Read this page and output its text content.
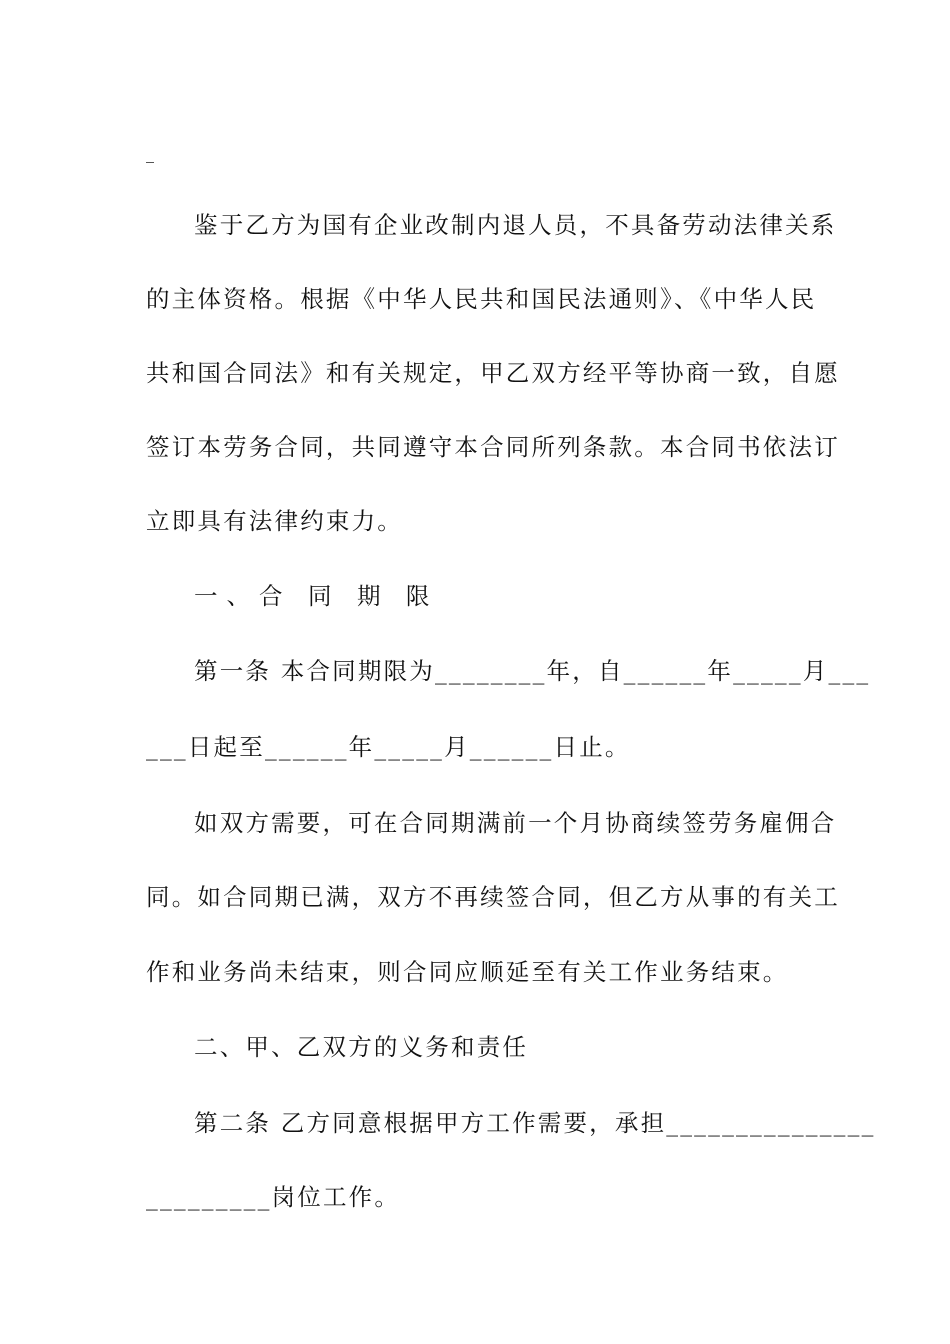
鉴于乙方为国有企业改制内退人员，不具备劳动法律关系
的主体资格。根据《中华人民共和国民法通则》、《中华人民
共和国合同法》和有关规定，甲乙双方经平等协商一致，自愿
签订本劳务合同，共同遵守本合同所列条款。本合同书依法订
立即具有法律约束力。
一、合 同 期 限
第一条 本合同期限为________年，自______年_____月___
___日起至______年_____月______日止。
如双方需要，可在合同期满前一个月协商续签劳务雇佣合
同。如合同期已满，双方不再续签合同，但乙方从事的有关工
作和业务尚未结束，则合同应顺延至有关工作业务结束。
二、甲、乙双方的义务和责任
第二条 乙方同意根据甲方工作需要，承担_______________
_________岗位工作。
